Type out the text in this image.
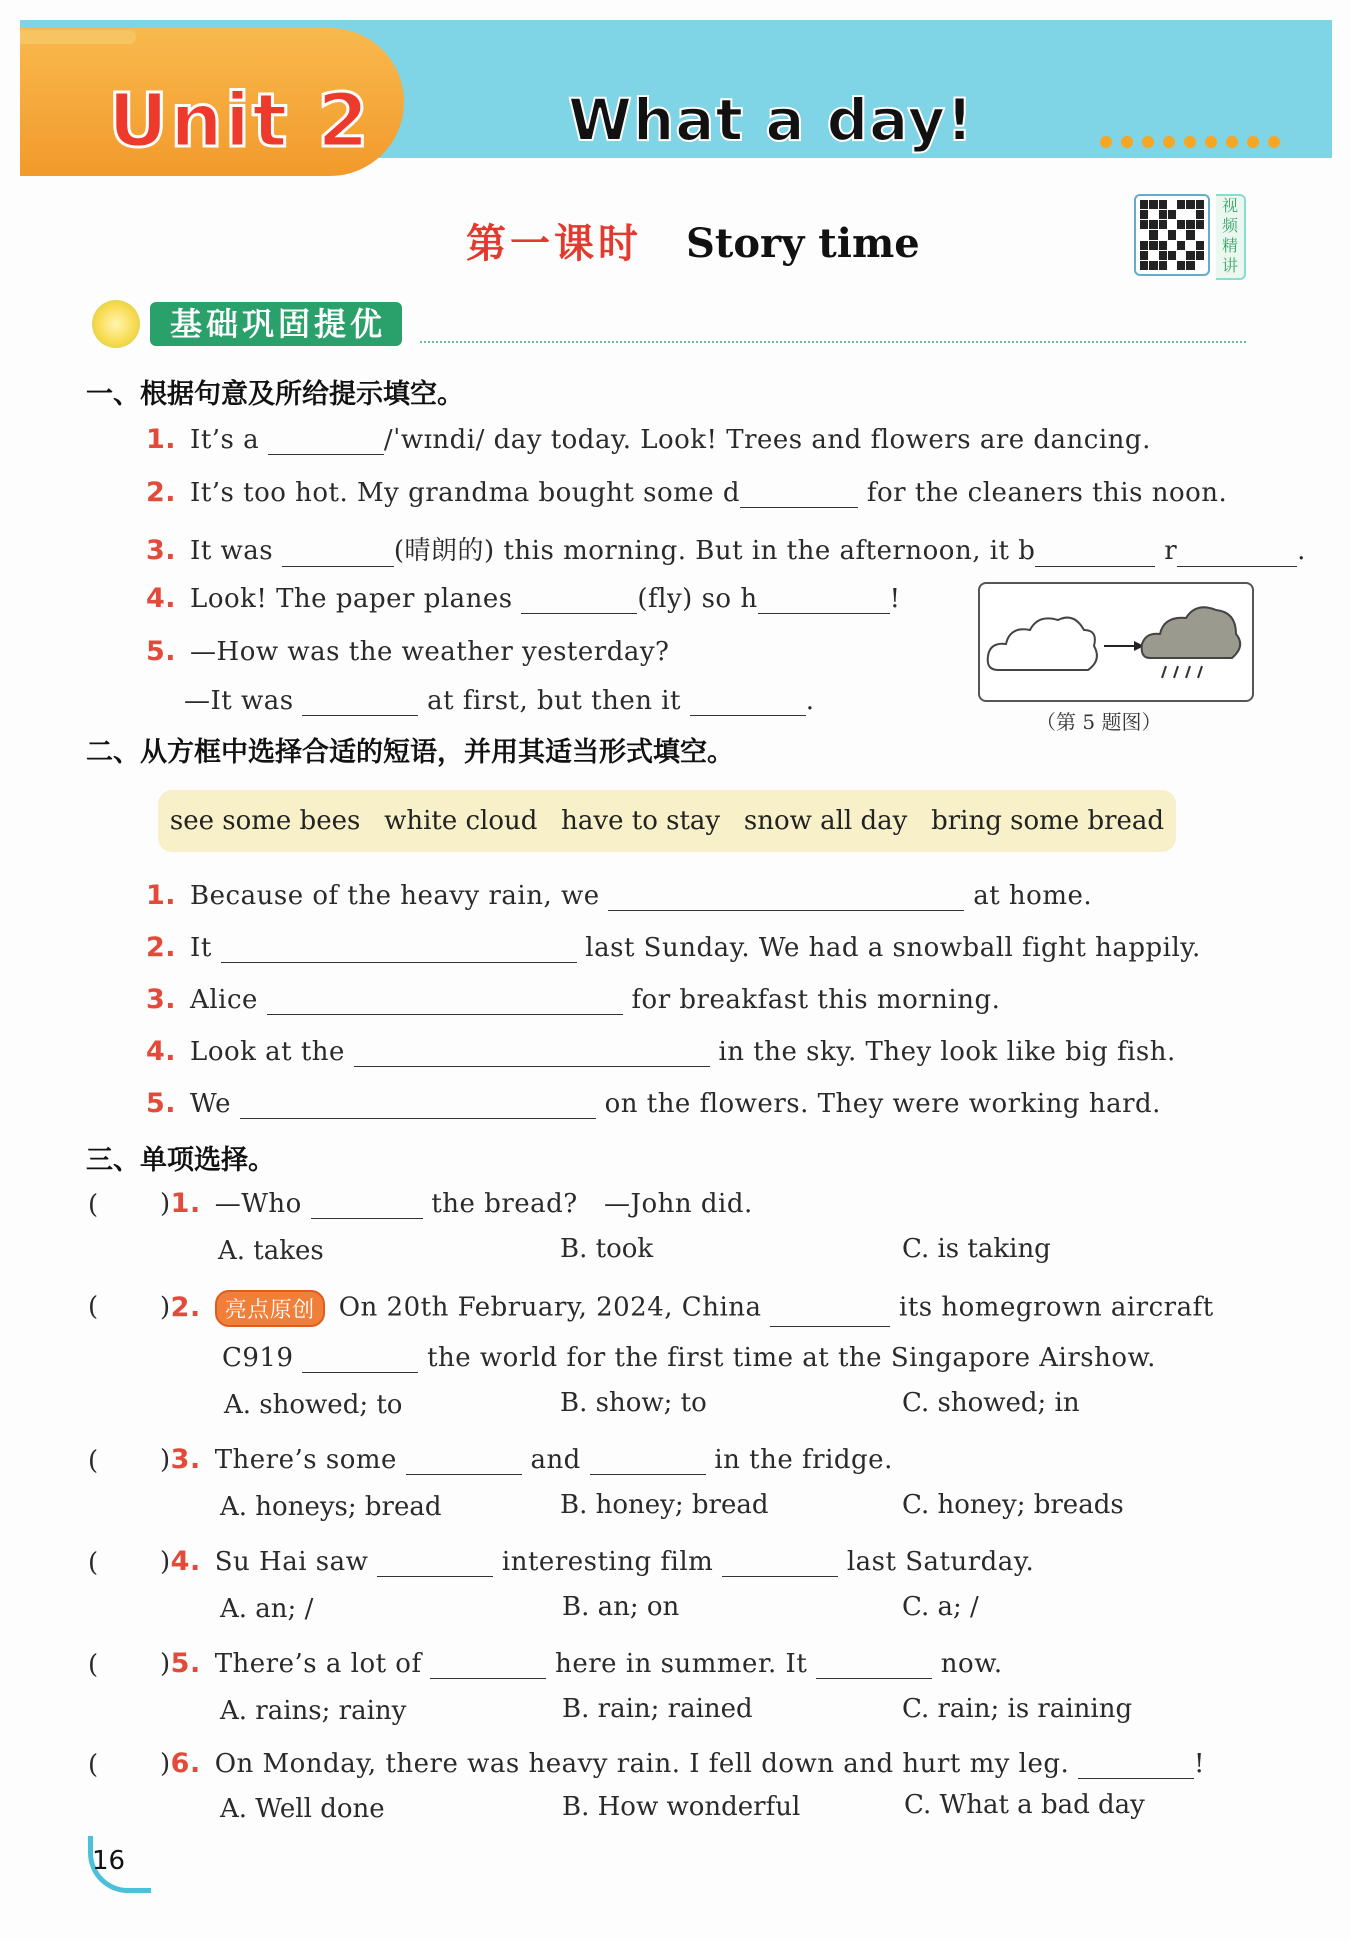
Unit 2	What a day!
第一课时 Story time
视频精讲
基础巩固提优
一、根据句意及所给提示填空。
1. It’s a	/ˈwɪndi/ day today. Look! Trees and flowers are dancing.
2. It’s too hot. My grandma bought some d	for the cleaners this noon.
3. It was	(晴朗的) this morning. But in the afternoon, it b	r	.
4. Look! The paper planes	(fly) so h	!
5. —How was the weather yesterday?
—It was	at first, but then it	.
（第 5 题图）
二、从方框中选择合适的短语，并用其适当形式填空。
see some bees white cloud have to stay snow all day bring some bread
1. Because of the heavy rain, we	at home.
2. It	last Sunday. We had a snowball fight happily.
3. Alice	for breakfast this morning.
4. Look at the	in the sky. They look like big fish.
5. We	on the flowers. They were working hard.
三、单项选择。
( )1. —Who	the bread? —John did.
A. takes	B. took	C. is taking
( )2. 亮点原创 On 20th February, 2024, China	its homegrown aircraft
C919	the world for the first time at the Singapore Airshow.
A. showed; to	B. show; to	C. showed; in
( )3. There’s some	and	in the fridge.
A. honeys; bread	B. honey; bread	C. honey; breads
( )4. Su Hai saw	interesting film	last Saturday.
A. an; /	B. an; on	C. a; /
( )5. There’s a lot of	here in summer. It	now.
A. rains; rainy	B. rain; rained	C. rain; is raining
( )6. On Monday, there was heavy rain. I fell down and hurt my leg.	!
A. Well done	B. How wonderful	C. What a bad day
16
